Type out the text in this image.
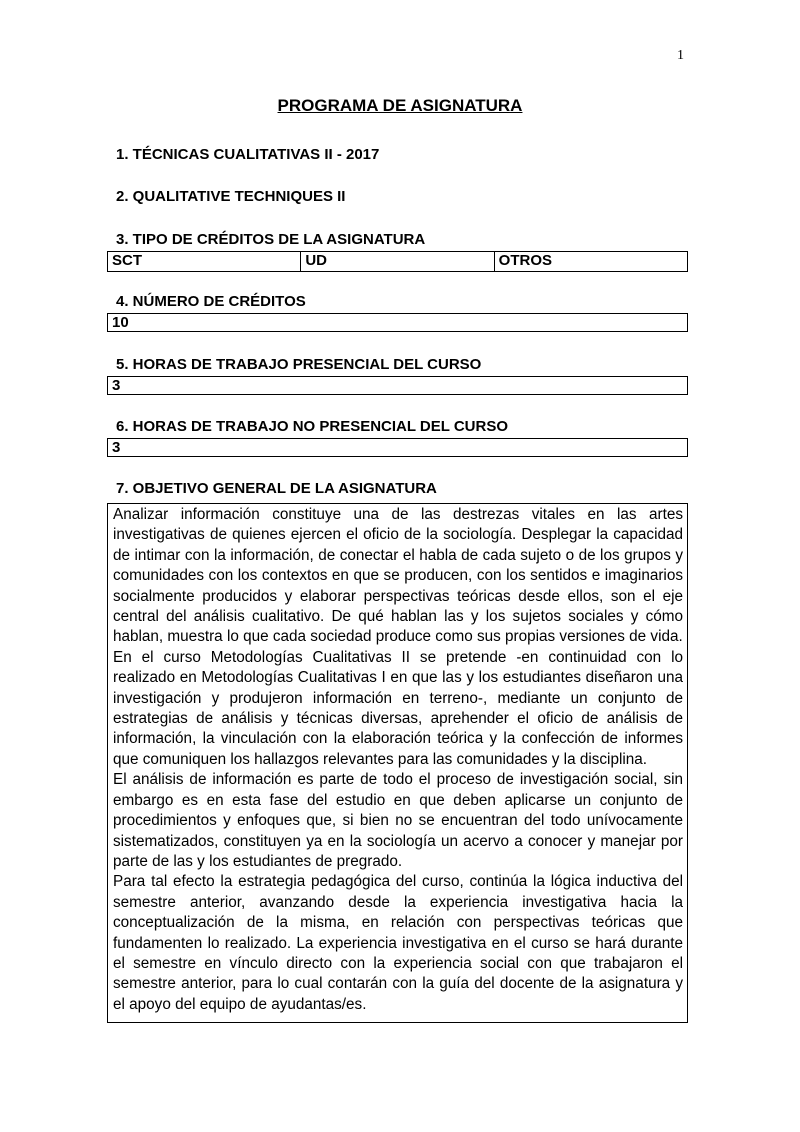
1
PROGRAMA DE ASIGNATURA
1. TÉCNICAS CUALITATIVAS II - 2017
2. QUALITATIVE TECHNIQUES II
3. TIPO DE CRÉDITOS DE LA ASIGNATURA
SCT	UD	OTROS
4. NÚMERO DE CRÉDITOS
10
5. HORAS DE TRABAJO PRESENCIAL DEL CURSO
3
6. HORAS DE TRABAJO NO PRESENCIAL DEL CURSO
3
7. OBJETIVO GENERAL DE LA ASIGNATURA

Analizar información constituye una de las destrezas vitales en las artes investigativas de quienes ejercen el oficio de la sociología. Desplegar la capacidad de intimar con la información, de conectar el habla de cada sujeto o de los grupos y comunidades con los contextos en que se producen, con los sentidos e imaginarios socialmente producidos y elaborar perspectivas teóricas desde ellos, son el eje central del análisis cualitativo. De qué hablan las y los sujetos sociales y cómo hablan, muestra lo que cada sociedad produce como sus propias versiones de vida.

En el curso Metodologías Cualitativas II se pretende -en continuidad con lo realizado en Metodologías Cualitativas I en que las y los estudiantes diseñaron una investigación y produjeron información en terreno-, mediante un conjunto de estrategias de análisis y técnicas diversas, aprehender el oficio de análisis de información, la vinculación con la elaboración teórica y la confección de informes que comuniquen los hallazgos relevantes para las comunidades y la disciplina.

El análisis de información es parte de todo el proceso de investigación social, sin embargo es en esta fase del estudio en que deben aplicarse un conjunto de procedimientos y enfoques que, si bien no se encuentran del todo unívocamente sistematizados, constituyen ya en la sociología un acervo a conocer y manejar por parte de las y los estudiantes de pregrado.

Para tal efecto la estrategia pedagógica del curso, continúa la lógica inductiva del semestre anterior, avanzando desde la experiencia investigativa hacia la conceptualización de la misma, en relación con perspectivas teóricas que fundamenten lo realizado. La experiencia investigativa en el curso se hará durante el semestre en vínculo directo con la experiencia social con que trabajaron el semestre anterior, para lo cual contarán con la guía del docente de la asignatura y el apoyo del equipo de ayudantas/es.
